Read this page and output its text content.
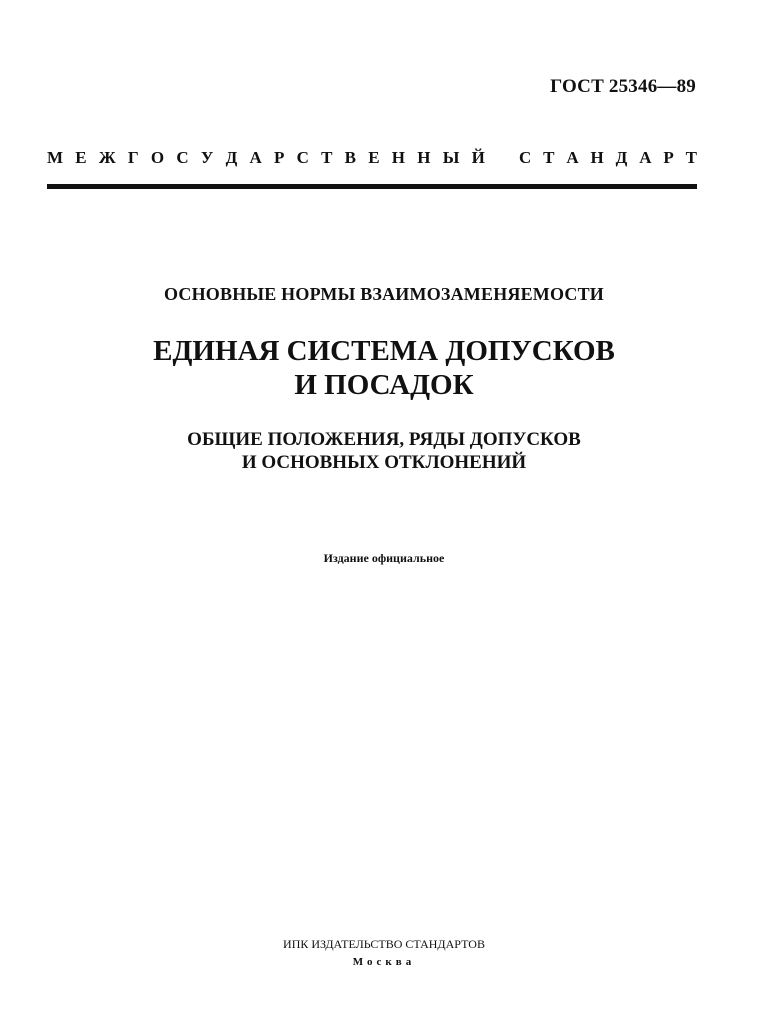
ГОСТ 25346—89
М Е Ж Г О С У Д А Р С Т В Е Н Н Ы Й С Т А Н Д А Р Т
ОСНОВНЫЕ НОРМЫ ВЗАИМОЗАМЕНЯЕМОСТИ
ЕДИНАЯ СИСТЕМА ДОПУСКОВ
И ПОСАДОК
ОБЩИЕ ПОЛОЖЕНИЯ, РЯДЫ ДОПУСКОВ
И ОСНОВНЫХ ОТКЛОНЕНИЙ
Издание официальное
ИПК ИЗДАТЕЛЬСТВО СТАНДАРТОВ
Москва
